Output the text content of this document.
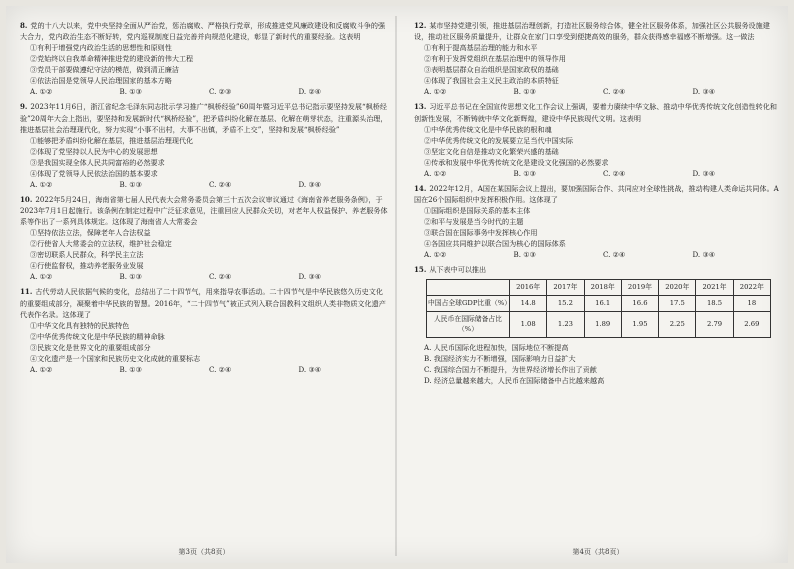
8. 党的十八大以来，党中央坚持全面从严治党，惩治腐败、严格执行党章，形成推进党风廉政建设和反腐败斗争的强大合力，党内政治生态不断好转，党内巡视制度日益完善并向规范化建设，彰显了新时代的重要经验。这表明
①有利于增强党内政治生活的思想性和原则性
②党始终以自我革命精神推进党的建设新的伟大工程
③党员干部要做遵纪守法的模范，做到清正廉洁
④依法治国是党领导人民治理国家的基本方略
A. ①②	B. ①③	C. ②③	D. ②④
9. 2023年11月6日，浙江省纪念毛泽东同志批示学习推广“枫桥经验”60周年暨习近平总书记指示要坚持发展“枫桥经验”20周年大会上指出，要坚持和发展新时代“枫桥经验”，把矛盾纠纷化解在基层、化解在萌芽状态，注重源头治理，推进基层社会治理现代化，努力实现“小事不出村，大事不出镇，矛盾不上交”，坚持和发展“枫桥经验”
①能够把矛盾纠纷化解在基层，推进基层治理现代化
②体现了党坚持以人民为中心的发展思想
③是我国实现全体人民共同富裕的必然要求
④体现了党领导人民依法治国的基本要求
A. ①②	B. ①③	C. ②④	D. ③④
10. 2022年5月24日，海南省第七届人民代表大会常务委员会第三十五次会议审议通过《海南省养老服务条例》，于2023年7月1日起施行。该条例在制定过程中广泛征求意见，注重回应人民群众关切，对老年人权益保护、养老服务体系等作出了一系列具体规定。这体现了海南省人大常委会
①坚持依法立法，保障老年人合法权益
②行使省人大常委会的立法权，维护社会稳定
③密切联系人民群众，科学民主立法
④行使监督权，推动养老服务业发展
A. ①②	B. ①③	C. ②④	D. ③④
11. 古代劳动人民依据气候的变化，总结出了二十四节气，用来指导农事活动。二十四节气是中华民族悠久历史文化的重要组成部分，凝聚着中华民族的智慧。2016年，“二十四节气”被正式列入联合国教科文组织人类非物质文化遗产代表作名录。这体现了
①中华文化具有独特的民族特色
②中华优秀传统文化是中华民族的精神命脉
③民族文化是世界文化的重要组成部分
④文化遗产是一个国家和民族历史文化成就的重要标志
A. ①②	B. ①③	C. ②④	D. ③④
12. 某市坚持党建引领，推进基层治理创新，打造社区服务综合体，健全社区服务体系，加强社区公共服务设施建设，推动社区服务质量提升，让群众在家门口享受到便捷高效的服务，群众获得感幸福感不断增强。这一做法
①有利于提高基层治理的能力和水平
②有利于发挥党组织在基层治理中的领导作用
③表明基层群众自治组织是国家政权的基础
④体现了我国社会主义民主政治的本质特征
A. ①②	B. ①③	C. ②④	D. ③④
13. 习近平总书记在全国宣传思想文化工作会议上强调，要着力赓续中华文脉、推动中华优秀传统文化创造性转化和创新性发展，不断铸就中华文化新辉煌，建设中华民族现代文明。这表明
①中华优秀传统文化是中华民族的根和魂
②中华优秀传统文化的发展要立足当代中国实际
③坚定文化自信是推动文化繁荣兴盛的基础
④传承和发展中华优秀传统文化是建设文化强国的必然要求
A. ①②	B. ①③	C. ②④	D. ③④
14. 2022年12月，A国在某国际会议上提出，要加强国际合作、共同应对全球性挑战，推动构建人类命运共同体。A国在26个国际组织中发挥积极作用。这体现了
①国际组织是国际关系的基本主体
②和平与发展是当今时代的主题
③联合国在国际事务中发挥核心作用
④各国应共同维护以联合国为核心的国际体系
A. ①②	B. ①③	C. ②④	D. ③④
15. 从下表中可以推出
	2016年	2017年	2018年	2019年	2020年	2021年	2022年
中国占全球GDP比重（%）	14.8	15.2	16.1	16.6	17.5	18.5	18
人民币在国际储备占比（%）	1.08	1.23	1.89	1.95	2.25	2.79	2.69
A. 人民币国际化进程加快，国际地位不断提高
B. 我国经济实力不断增强，国际影响力日益扩大
C. 我国综合国力不断提升，为世界经济增长作出了贡献
D. 经济总量越来越大，人民币在国际储备中占比越来越高
第3页（共8页）	第4页（共8页）
